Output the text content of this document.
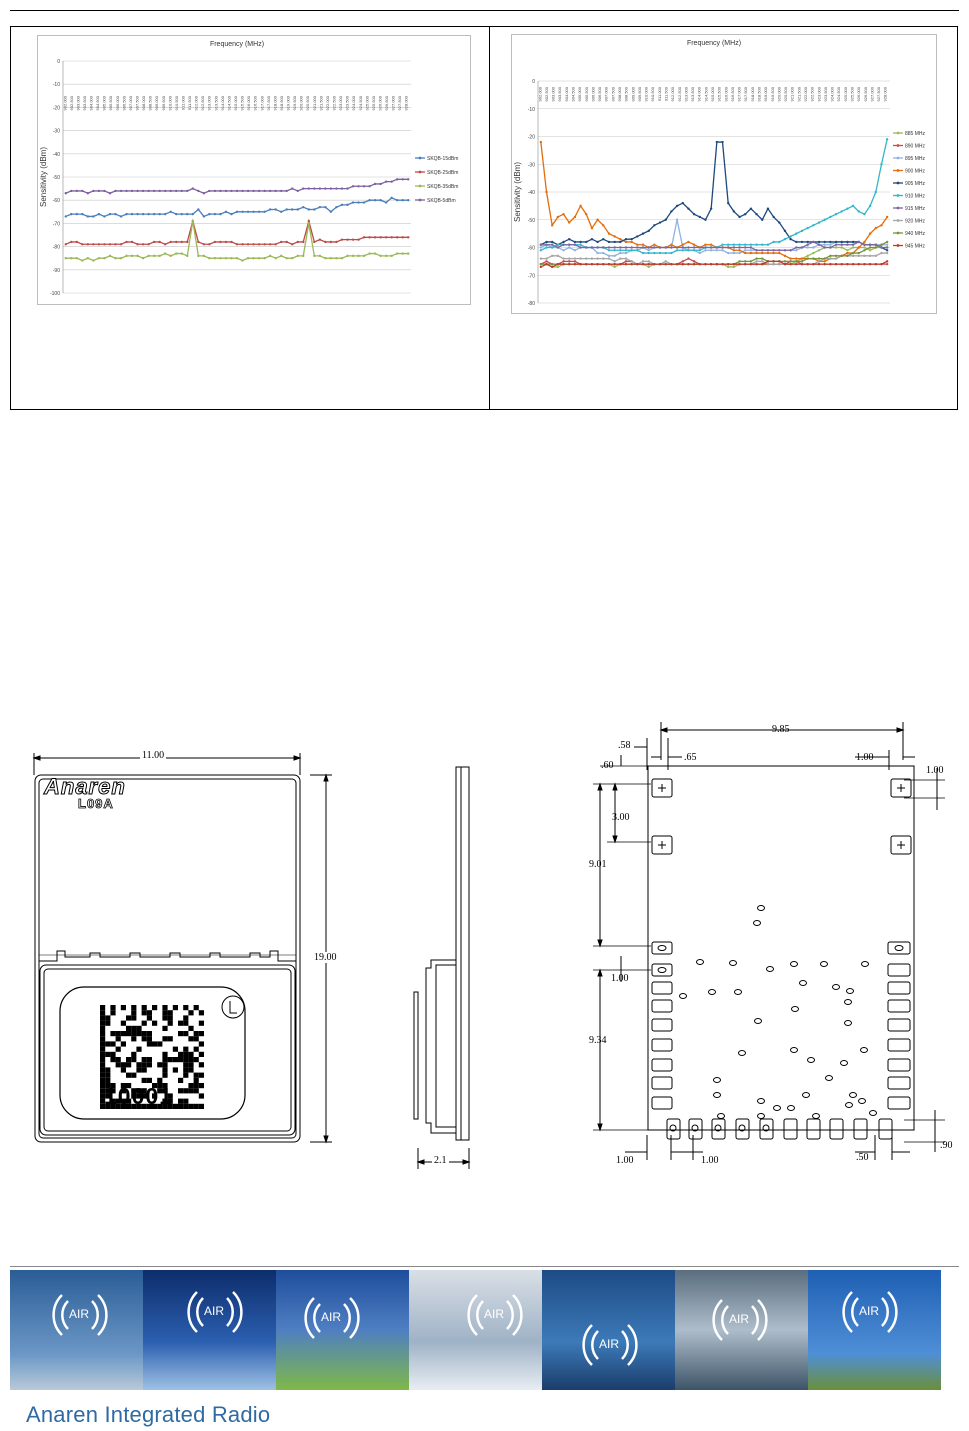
Frequency (MHz)
Sensitivity (dBm)
0
-10
-20
-30
-40
-50
-60
-70
-80
-90
-100
902.000 902.500 903.000 903.500 904.000 904.500 905.000 905.500 906.000 906.500 907.000 907.500 908.000 908.500 909.000 909.500 910.000 910.500 911.000 911.500 912.000 912.500 913.000 913.500 914.000 914.500 915.000 915.500 916.000 916.500 917.000 917.500 918.000 918.500 919.000 919.500 920.000 920.500 921.000 921.500 922.000 922.500 923.000 923.500 924.000 924.500 925.000 925.500 926.000 926.500 927.000 927.500 928.000
SKQB-15dBm
SKQB-25dBm
SKQB-35dBm
SKQB-5dBm
Frequency (MHz)
Sensitivity (dBm)
0
-10
-20
-30
-40
-50
-60
-70
-80
902.000 902.500 903.000 903.500 904.000 904.500 905.000 905.500 906.000 906.500 907.000 907.500 908.000 908.500 909.000 909.500 910.000 910.500 911.000 911.500 912.000 912.500 913.000 913.500 914.000 914.500 915.000 915.500 916.000 916.500 917.000 917.500 918.000 918.500 919.000 919.500 920.000 920.500 921.000 921.500 922.000 922.500 923.000 923.500 924.000 924.500 925.000 925.500 926.000 926.500 927.000 927.500 928.000
885 MHz
890 MHz
895 MHz
900 MHz
905 MHz
910 MHz
915 MHz
920 MHz
940 MHz
945 MHz
11.00
19.00
2.1
Anaren
L09A
10001
9.85
.58
.65	1.00
.60	1.00
3.00
9.01
1.00
9.34
.90
1.00	1.00	.50
AIR	AIR	AIR	AIR
AIR
AIR
AIR
Anaren Integrated Radio
